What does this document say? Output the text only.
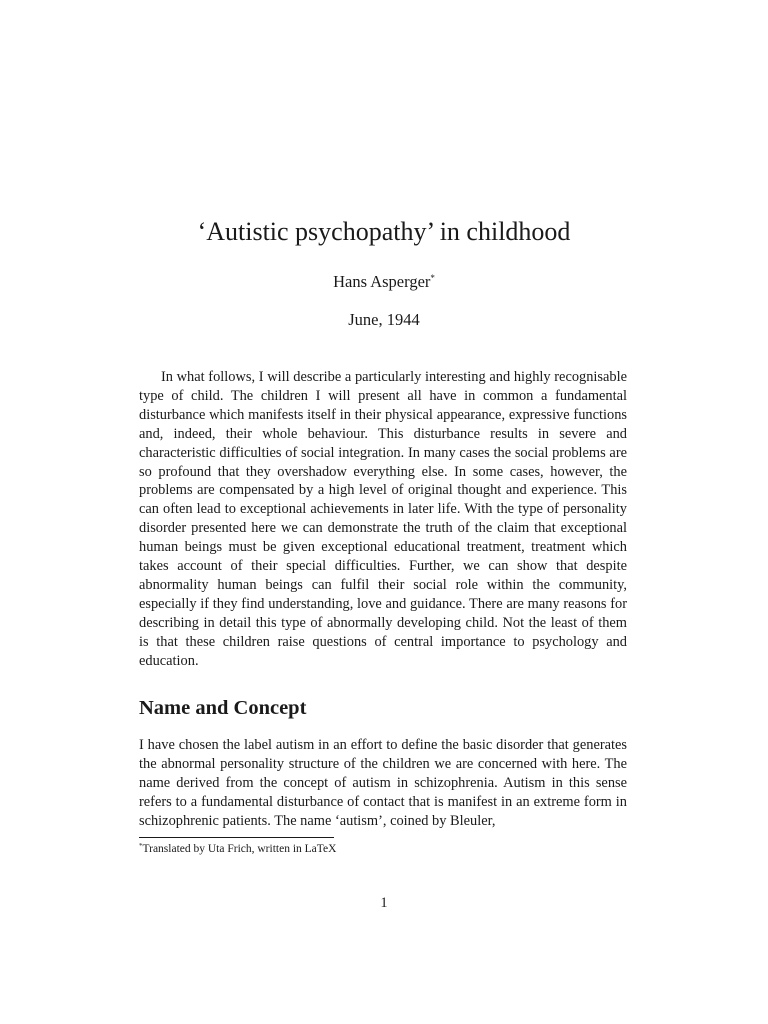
‘Autistic psychopathy’ in childhood
Hans Asperger*
June, 1944

In what follows, I will describe a particularly interesting and highly recognisable type of child. The children I will present all have in common a fundamental disturbance which manifests itself in their physical appearance, expressive functions and, indeed, their whole behaviour. This disturbance results in severe and characteristic difficulties of social integration. In many cases the social problems are so profound that they overshadow everything else. In some cases, however, the problems are compensated by a high level of original thought and experience. This can often lead to exceptional achievements in later life. With the type of personality disorder presented here we can demonstrate the truth of the claim that exceptional human beings must be given exceptional educational treatment, treatment which takes account of their special difficulties. Further, we can show that despite abnormality human beings can fulfil their social role within the community, especially if they find understanding, love and guidance. There are many reasons for describing in detail this type of abnormally developing child. Not the least of them is that these children raise questions of central importance to psychology and education.

Name and Concept

I have chosen the label autism in an effort to define the basic disorder that generates the abnormal personality structure of the children we are concerned with here. The name derived from the concept of autism in schizophrenia. Autism in this sense refers to a fundamental disturbance of contact that is manifest in an extreme form in schizophrenic patients. The name ‘autism’, coined by Bleuler,

*Translated by Uta Frich, written in LaTeX
1
